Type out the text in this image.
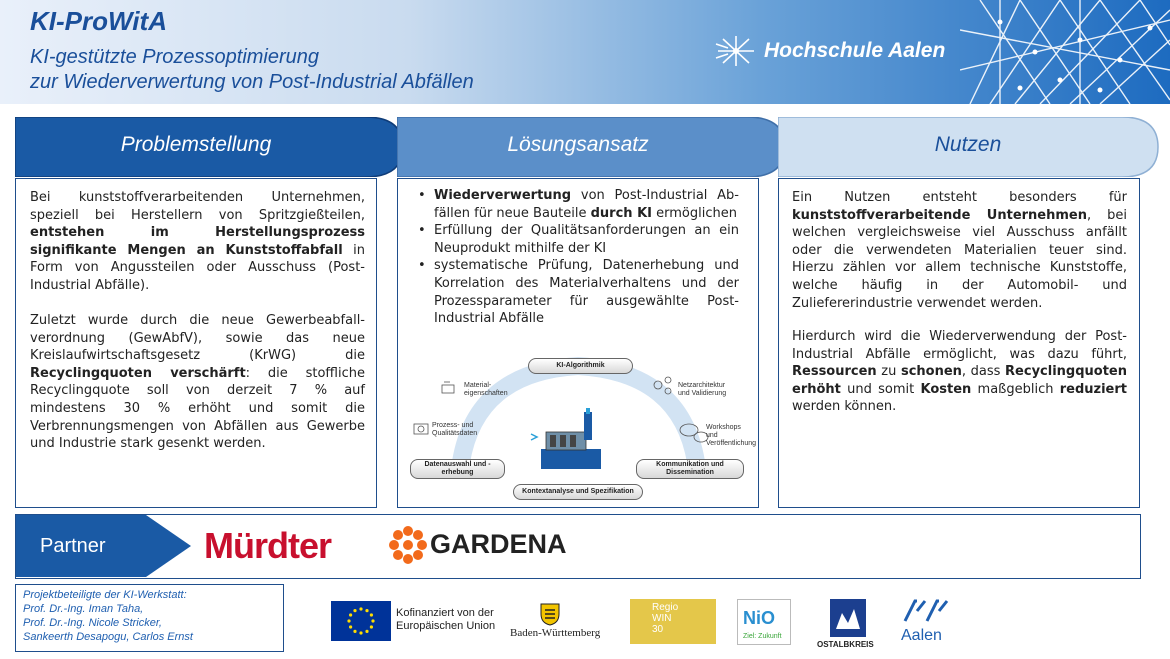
KI-ProWitA
KI-gestützte Prozessoptimierung
zur Wiederverwertung von Post-Industrial Abfällen
Hochschule Aalen
Problemstellung	Lösungsansatz	Nutzen
Bei kunststoffverarbeitenden Unternehmen, speziell bei Herstellern von Spritzgießteilen, entstehen im Herstellungsprozess signifikante Mengen an Kunststoffabfall in Form von Angussteilen oder Ausschuss (Post-Industrial Abfälle).
Zuletzt wurde durch die neue Gewerbeabfall-verordnung (GewAbfV), sowie das neue Kreislaufwirtschaftsgesetz (KrWG) die Recyclingquoten verschärft: die stoffliche Recyclingquote soll von derzeit 7 % auf mindestens 30 % erhöht und somit die Verbrennungsmengen von Abfällen aus Gewerbe und Industrie stark gesenkt werden.
• Wiederverwertung von Post-Industrial Ab-fällen für neue Bauteile durch KI ermöglichen
• Erfüllung der Qualitätsanforderungen an ein Neuprodukt mithilfe der KI
• systematische Prüfung, Datenerhebung und Korrelation des Materialverhaltens und der Prozessparameter für ausgewählte Post-Industrial Abfälle
KI-Algorithmik
Datenauswahl und -erhebung
Kommunikation und Dissemination
Kontextanalyse und Spezifikation
Material-eigenschaften
Prozess- und Qualitätsdaten
Netzarchitektur und Validierung
Workshops und Veröffentlichung
Ein Nutzen entsteht besonders für kunststoffverarbeitende Unternehmen, bei welchen vergleichsweise viel Ausschuss anfällt oder die verwendeten Materialien teuer sind. Hierzu zählen vor allem technische Kunststoffe, welche häufig in der Automobil- und Zuliefererindustrie verwendet werden.
Hierdurch wird die Wiederverwendung der Post-Industrial Abfälle ermöglicht, was dazu führt, Ressourcen zu schonen, dass Recyclingquoten erhöht und somit Kosten maßgeblich reduziert werden können.
Partner	Mürdter	GARDENA
Projektbeteiligte der KI-Werkstatt:
Prof. Dr.-Ing. Iman Taha,
Prof. Dr.-Ing. Nicole Stricker,
Sankeerth Desapogu, Carlos Ernst
Kofinanziert von der
Europäischen Union
Baden-Württemberg
Regio
WIN
30
NiO
Ziel: Zukunft
OSTALBKREIS
Aalen
